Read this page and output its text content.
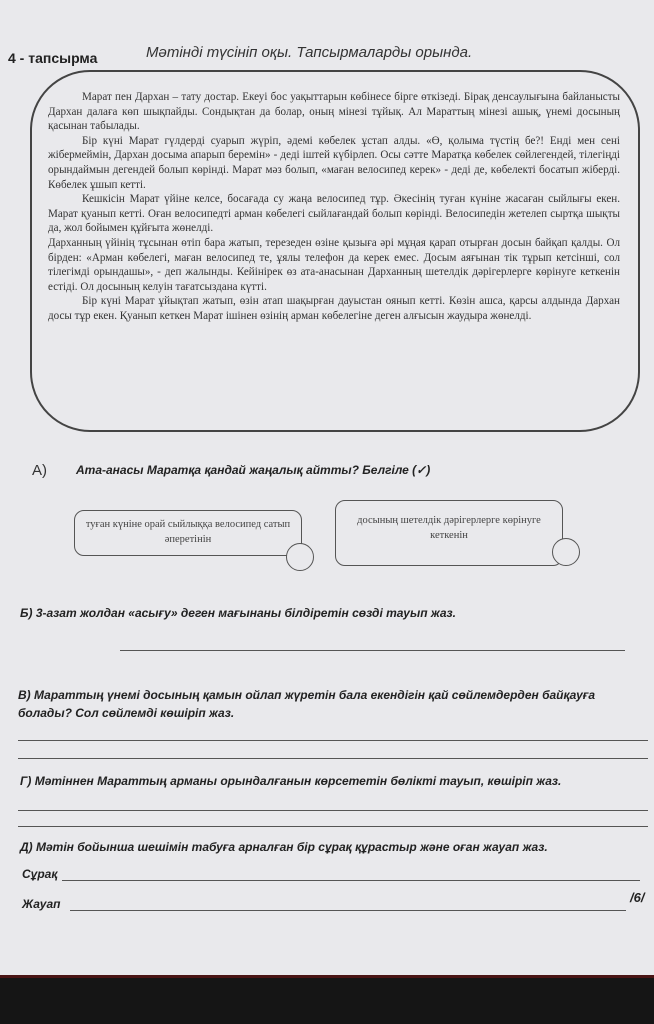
4 - тапсырма	Мәтінді түсініп оқы. Тапсырмаларды орында.

Марат пен Дархан – тату достар. Екеуі бос уақыттарын көбінесе бірге өткізеді. Бірақ денсаулығына байланысты Дархан далаға көп шықпайды. Сондықтан да болар, оның мінезі тұйық. Ал Мараттың мінезі ашық, үнемі досының қасынан табылады.

Бір күні Марат гүлдерді суарып жүріп, әдемі көбелек ұстап алды. «Ө, қолыма түстің бе?! Енді мен сені жібермеймін, Дархан досыма апарып беремін» - деді іштей күбірлеп. Осы сәтте Маратқа көбелек сөйлегендей, тілегіңді орындаймын дегендей болып көрінді. Марат мәз болып, «маған велосипед керек» - деді де, көбелекті босатып жіберді. Көбелек ұшып кетті.

Кешкісін Марат үйіне келсе, босағада су жаңа велосипед тұр. Әкесінің туған күніне жасаған сыйлығы екен. Марат қуанып кетті. Оған велосипедті арман көбелегі сыйлағандай болып көрінді. Велосипедін жетелеп сыртқа шықты да, жол бойымен құйғыта жөнелді.

Дарханның үйінің тұсынан өтіп бара жатып, терезеден өзіне қызыға әрі мұңая қарап отырған досын байқап қалды. Ол бірден: «Арман көбелегі, маған велосипед те, ұялы телефон да керек емес. Досым аяғынан тік тұрып кетсінші, сол тілегімді орындашы», - деп жалынды. Кейінірек өз ата-анасынан Дарханның шетелдік дәрігерлерге көрінуге кеткенін естіді. Ол досының келуін тағатсыздана күтті.

Бір күні Марат ұйықтап жатып, өзін атап шақырған дауыстан оянып кетті. Көзін ашса, қарсы алдында Дархан досы тұр екен. Қуанып кеткен Марат ішінен өзінің арман көбелегіне деген алғысын жаудыра жөнелді.

А) Ата-анасы Маратқа қандай жаңалық айтты? Белгіле (✓)
туған күніне орай сыйлыққа велосипед сатып әперетінін
досының шетелдік дәрігерлерге көрінуге кеткенін
Б) 3-азат жолдан «асығу» деген мағынаны білдіретін сөзді тауып жаз.
В) Мараттың үнемі досының қамын ойлап жүретін бала екендігін қай сөйлемдерден байқауға болады? Сол сөйлемді көшіріп жаз.
Г) Мәтіннен Мараттың арманы орындалғанын көрсететін бөлікті тауып, көшіріп жаз.
Д) Мәтін бойынша шешімін табуға арналған бір сұрақ құрастыр және оған жауап жаз.
Сұрақ
Жауап	/6/
